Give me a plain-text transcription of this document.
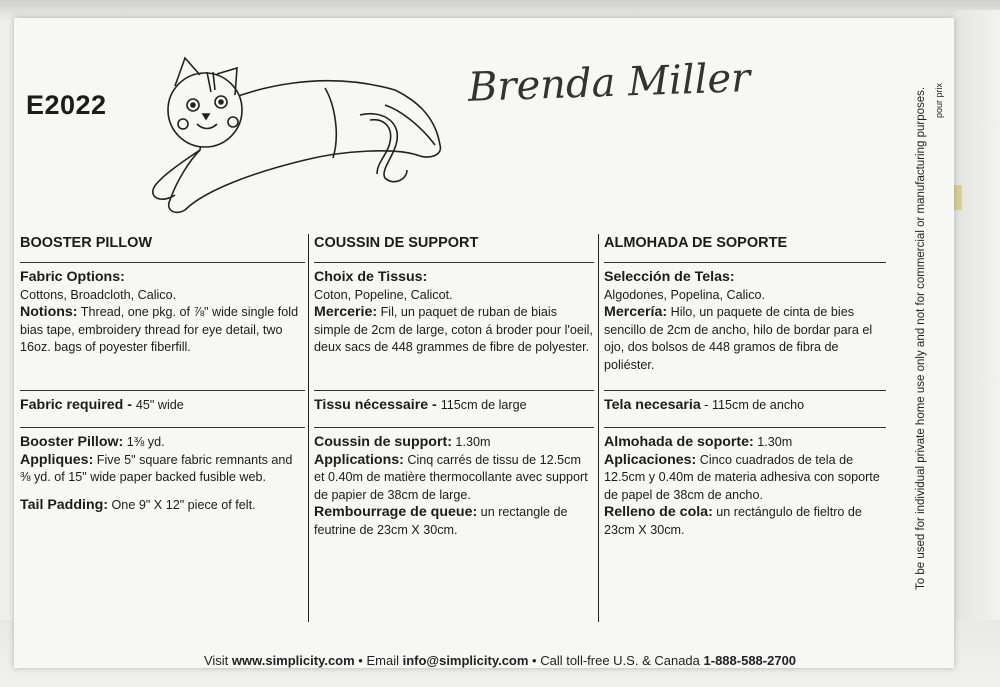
E2022	Brenda Miller
BOOSTER PILLOW
Fabric Options:
Cottons, Broadcloth, Calico.
Notions: Thread, one pkg. of ⅞" wide single fold bias tape, embroidery thread for eye detail, two 16oz. bags of poyester fiberfill.
Fabric required - 45" wide
Booster Pillow: 1⅜ yd.
Appliques: Five 5" square fabric remnants and ⅜ yd. of 15" wide paper backed fusible web.
Tail Padding: One 9" X 12" piece of felt.
COUSSIN DE SUPPORT
Choix de Tissus:
Coton, Popeline, Calicot.
Mercerie: Fil, un paquet de ruban de biais simple de 2cm de large, coton á broder pour l'oeil, deux sacs de 448 grammes de fibre de polyester.
Tissu nécessaire - 115cm de large
Coussin de support: 1.30m
Applications: Cinq carrés de tissu de 12.5cm et 0.40m de matière thermocollante avec support de papier de 38cm de large.
Rembourrage de queue: un rectangle de feutrine de 23cm X 30cm.
ALMOHADA DE SOPORTE
Selección de Telas:
Algodones, Popelina, Calico.
Mercería: Hilo, un paquete de cinta de bies sencillo de 2cm de ancho, hilo de bordar para el ojo, dos bolsos de 448 gramos de fibra de poliéster.
Tela necesaria - 115cm de ancho
Almohada de soporte: 1.30m
Aplicaciones: Cinco cuadrados de tela de 12.5cm y 0.40m de materia adhesiva con soporte de papel de 38cm de ancho.
Relleno de cola: un rectángulo de fieltro de 23cm X 30cm.	To be used for individual private home use only and not for commercial or manufacturing purposes. pour prix
Visit www.simplicity.com • Email info@simplicity.com • Call toll-free U.S. & Canada 1-888-588-2700
